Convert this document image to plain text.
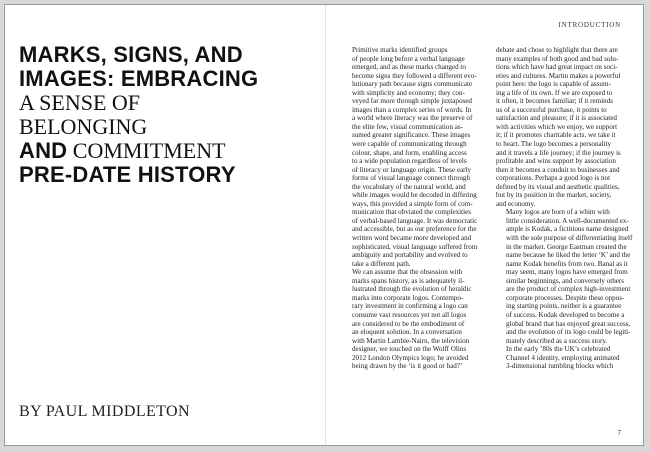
INTRODUCTION
MARKS, SIGNS, AND
IMAGES: EMBRACING
A SENSE OF
BELONGING
AND COMMITMENT
PRE-DATE HISTORY
BY PAUL MIDDLETON

Primitive marks identified groups
of people long before a verbal language
emerged, and as these marks changed to
become signs they followed a different evo-
lutionary path because signs communicate
with simplicity and economy; they con-
veyed far more through simple juxtaposed
images than a complex series of words. In
a world where literacy was the preserve of
the elite few, visual communication as-
sumed greater significance. These images
were capable of communicating through
colour, shape, and form, enabling access
to a wide population regardless of levels
of literacy or language origin. These early
forms of visual language connect through
the vocabulary of the natural world, and
while images would be decoded in differing
ways, this provided a simple form of com-
munication that obviated the complexities
of verbal-based language. It was democratic
and accessible, but as our preference for the
written word became more developed and
sophisticated, visual language suffered from
ambiguity and portability and evolved to
take a different path.

We can assume that the obsession with
marks spans history, as is adequately il-
lustrated through the evolution of heraldic
marks into corporate logos. Contempo-
rary investment in confirming a logo can
consume vast resources yet not all logos
are considered to be the embodiment of
an eloquent solution. In a conversation
with Martin Lambie-Nairn, the television
designer, we touched on the Wolff Olins
2012 London Olympics logo; he avoided
being drawn by the ‘is it good or bad?’

debate and chose to highlight that there are
many examples of both good and bad solu-
tions which have had great impact on soci-
eties and cultures. Martin makes a powerful
point here: the logo is capable of assum-
ing a life of its own. If we are exposed to
it often, it becomes familiar; if it reminds
us of a successful purchase, it points to
satisfaction and pleasure; if it is associated
with activities which we enjoy, we support
it; if it promotes charitable acts, we take it
to heart. The logo becomes a personality
and it travels a life journey; if the journey is
profitable and wins support by association
then it becomes a conduit to businesses and
corporations. Perhaps a good logo is not
defined by its visual and aesthetic qualities,
but by its position in the market, society,
and economy.

Many logos are born of a whim with
little consideration. A well-documented ex-
ample is Kodak, a fictitious name designed
with the sole purpose of differentiating itself
in the market. George Eastman created the
name because he liked the letter ‘K’ and the
name Kodak benefits from two. Banal as it
may seem, many logos have emerged from
similar beginnings, and conversely others
are the product of complex high-investment
corporate processes. Despite these oppos-
ing starting points, neither is a guarantee
of success. Kodak developed to become a
global brand that has enjoyed great success,
and the evolution of its logo could be legiti-
mately described as a success story.

In the early ’80s the UK’s celebrated
Channel 4 identity, employing animated
3-dimensional tumbling blocks which

7
